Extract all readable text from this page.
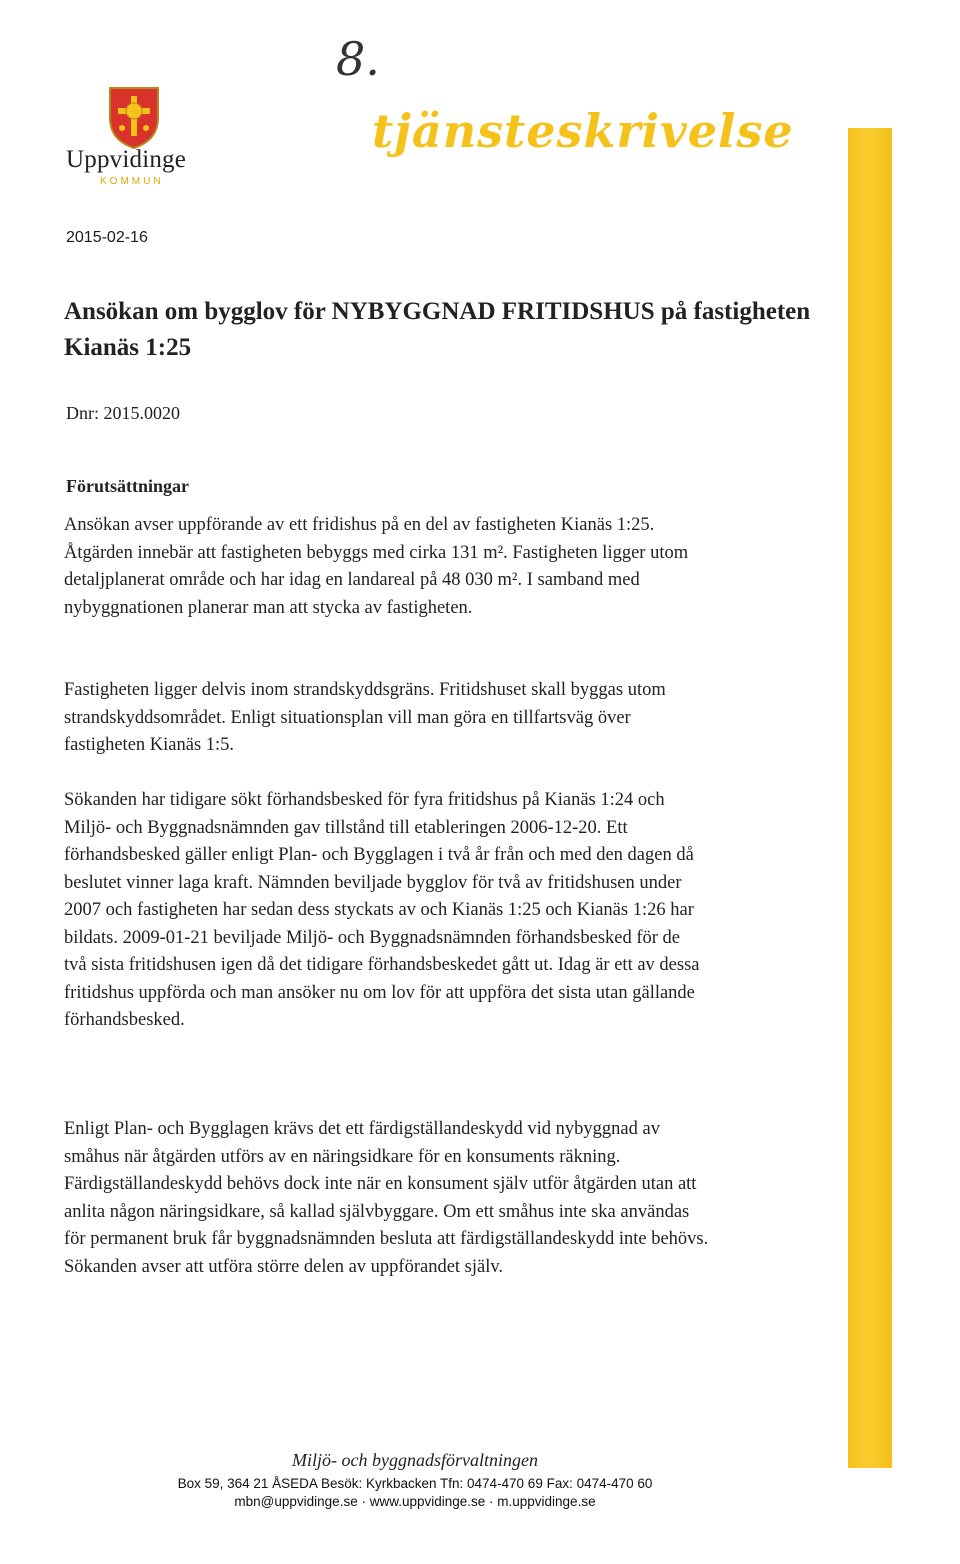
Uppvidinge
KOMMUN
8.
tjänsteskrivelse
2015-02-16
Ansökan om bygglov för NYBYGGNAD FRITIDSHUS på fastigheten Kianäs 1:25
Dnr: 2015.0020
Förutsättningar
Ansökan avser uppförande av ett fridishus på en del av fastigheten Kianäs 1:25. Åtgärden innebär att fastigheten bebyggs med cirka 131 m². Fastigheten ligger utom detaljplanerat område och har idag en landareal på 48 030 m². I samband med nybyggnationen planerar man att stycka av fastigheten.
Fastigheten ligger delvis inom strandskyddsgräns. Fritidshuset skall byggas utom strandskyddsområdet. Enligt situationsplan vill man göra en tillfartsväg över fastigheten Kianäs 1:5.
Sökanden har tidigare sökt förhandsbesked för fyra fritidshus på Kianäs 1:24 och Miljö- och Byggnadsnämnden gav tillstånd till etableringen 2006-12-20. Ett förhandsbesked gäller enligt Plan- och Bygglagen i två år från och med den dagen då beslutet vinner laga kraft. Nämnden beviljade bygglov för två av fritidshusen under 2007 och fastigheten har sedan dess styckats av och Kianäs 1:25 och Kianäs 1:26 har bildats. 2009-01-21 beviljade Miljö- och Byggnadsnämnden förhandsbesked för de två sista fritidshusen igen då det tidigare förhandsbeskedet gått ut. Idag är ett av dessa fritidshus uppförda och man ansöker nu om lov för att uppföra det sista utan gällande förhandsbesked.
Enligt Plan- och Bygglagen krävs det ett färdigställandeskydd vid nybyggnad av småhus när åtgärden utförs av en näringsidkare för en konsuments räkning. Färdigställandeskydd behövs dock inte när en konsument själv utför åtgärden utan att anlita någon näringsidkare, så kallad självbyggare. Om ett småhus inte ska användas för permanent bruk får byggnadsnämnden besluta att färdigställandeskydd inte behövs. Sökanden avser att utföra större delen av uppförandet själv.
Miljö- och byggnadsförvaltningen
Box 59, 364 21 ÅSEDA Besök: Kyrkbacken Tfn: 0474-470 69 Fax: 0474-470 60
mbn@uppvidinge.se · www.uppvidinge.se · m.uppvidinge.se
